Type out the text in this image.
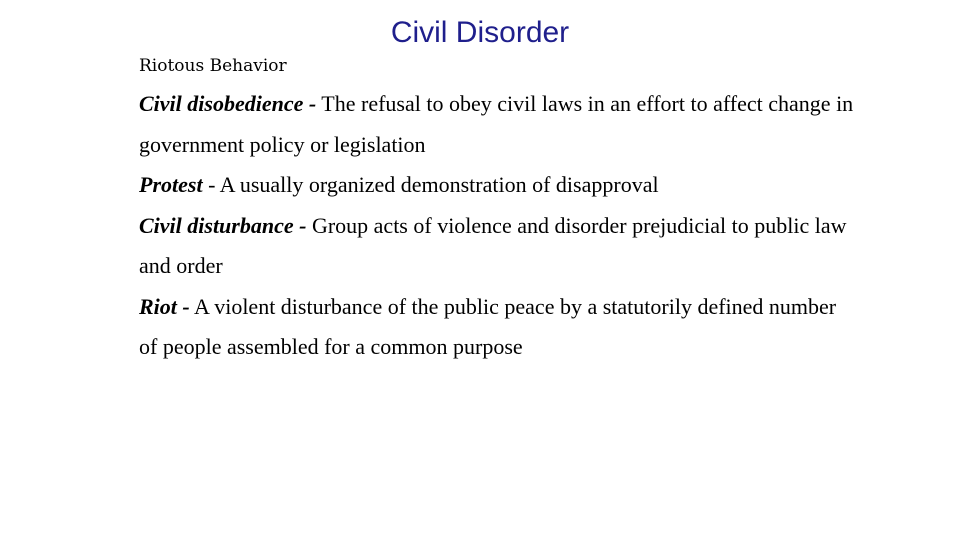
Civil Disorder
Riotous Behavior

Civil disobedience - The refusal to obey civil laws in an effort to affect change in government policy or legislation

Protest - A usually organized demonstration of disapproval

Civil disturbance - Group acts of violence and disorder prejudicial to public law and order

Riot - A violent disturbance of the public peace by a statutorily defined number of people assembled for a common purpose
